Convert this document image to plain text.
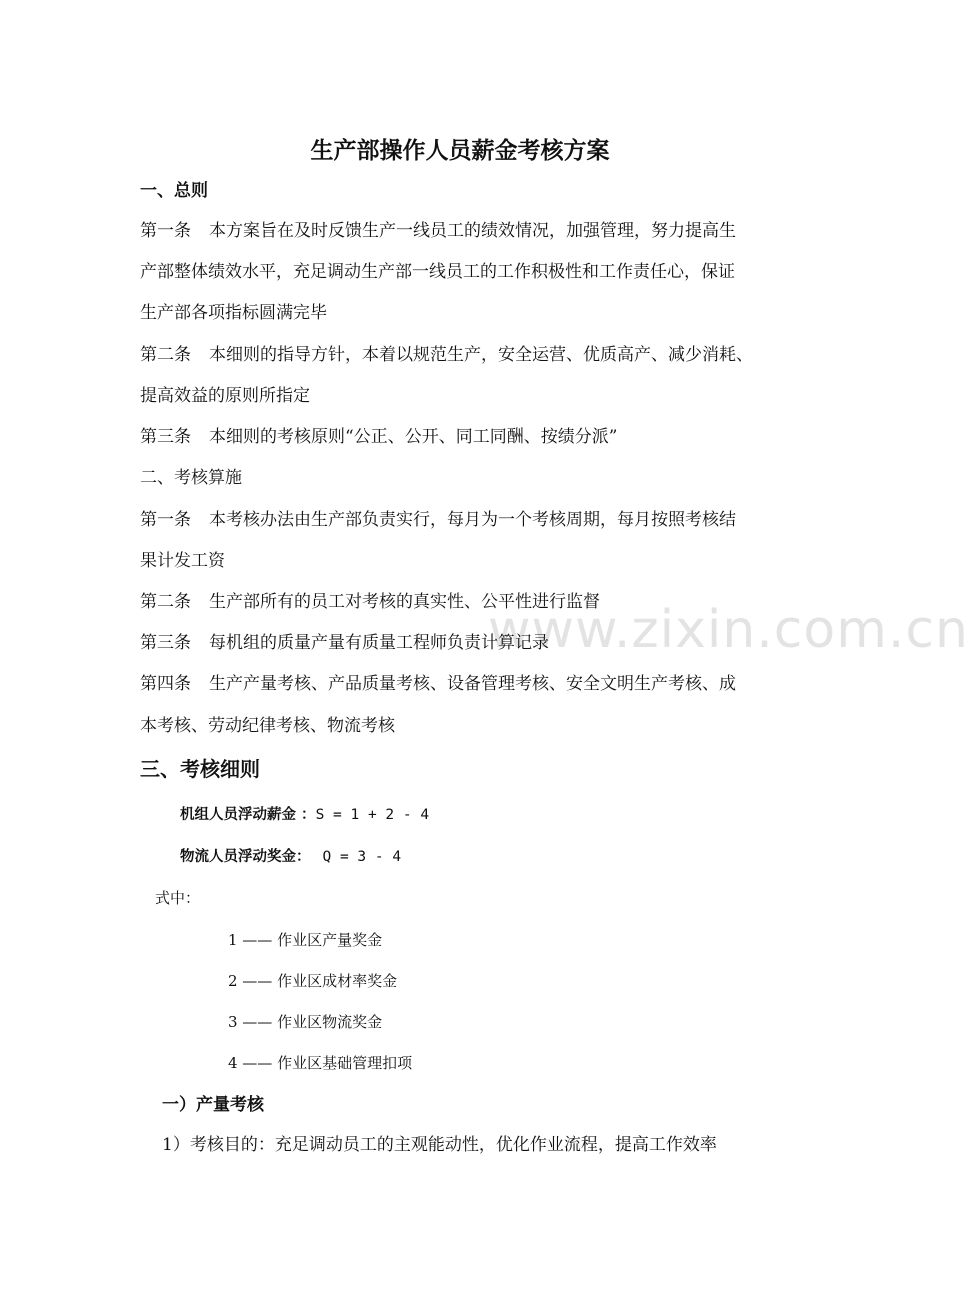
www.zixin.com.cn
生产部操作人员薪金考核方案
一、总则
第一条 本方案旨在及时反馈生产一线员工的绩效情况，加强管理，努力提高生
产部整体绩效水平，充足调动生产部一线员工的工作积极性和工作责任心，保证
生产部各项指标圆满完毕
第二条 本细则的指导方针，本着以规范生产，安全运营、优质高产、减少消耗、
提高效益的原则所指定
第三条 本细则的考核原则“公正、公开、同工同酬、按绩分派”
二、考核算施
第一条 本考核办法由生产部负责实行，每月为一个考核周期，每月按照考核结
果计发工资
第二条 生产部所有的员工对考核的真实性、公平性进行监督
第三条 每机组的质量产量有质量工程师负责计算记录
第四条 生产产量考核、产品质量考核、设备管理考核、安全文明生产考核、成
本考核、劳动纪律考核、物流考核
三、考核细则
机组人员浮动薪金 ：S = 1 + 2 - 4
物流人员浮动奖金： Q = 3 - 4
式中：
1 —— 作业区产量奖金
2 —— 作业区成材率奖金
3 —— 作业区物流奖金
4 —— 作业区基础管理扣项
一）产量考核
1）考核目的：充足调动员工的主观能动性，优化作业流程，提高工作效率
